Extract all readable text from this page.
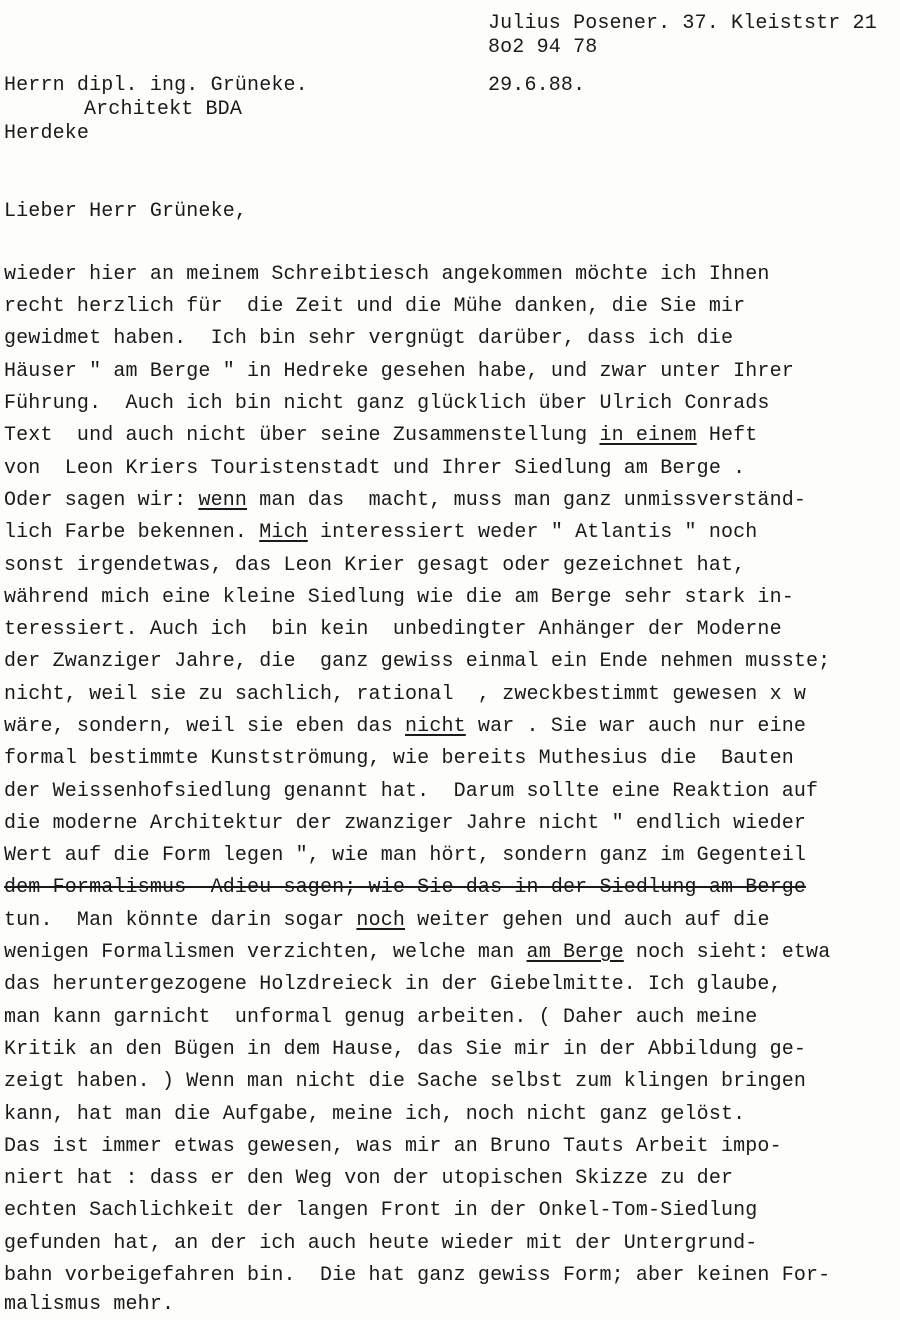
Julius Posener. 37. Kleiststr 21
8o2 94 78
29.6.88.
Herrn dipl. ing. Grüneke.
Architekt BDA
Herdeke
Lieber Herr Grüneke,
wieder hier an meinem Schreibtiesch angekommen möchte ich Ihnen
recht herzlich für  die Zeit und die Mühe danken, die Sie mir
gewidmet haben.  Ich bin sehr vergnügt darüber, dass ich die
Häuser " am Berge " in Hedreke gesehen habe, und zwar unter Ihrer
Führung.  Auch ich bin nicht ganz glücklich über Ulrich Conrads
Text  und auch nicht über seine Zusammenstellung in einem Heft
von  Leon Kriers Touristenstadt und Ihrer Siedlung am Berge .
Oder sagen wir: wenn man das  macht, muss man ganz unmissverständ-
lich Farbe bekennen. Mich interessiert weder " Atlantis " noch
sonst irgendetwas, das Leon Krier gesagt oder gezeichnet hat,
während mich eine kleine Siedlung wie die am Berge sehr stark in-
teressiert. Auch ich  bin kein  unbedingter Anhänger der Moderne
der Zwanziger Jahre, die  ganz gewiss einmal ein Ende nehmen musste;
nicht, weil sie zu sachlich, rational  , zweckbestimmt gewesen x w
wäre, sondern, weil sie eben das nicht war . Sie war auch nur eine
formal bestimmte Kunstströmung, wie bereits Muthesius die  Bauten
der Weissenhofsiedlung genannt hat.  Darum sollte eine Reaktion auf
die moderne Architektur der zwanziger Jahre nicht " endlich wieder
Wert auf die Form legen ", wie man hört, sondern ganz im Gegenteil
dem Formalismus  Adieu sagen; wie Sie das in der Siedlung am Berge
tun.  Man könnte darin sogar noch weiter gehen und auch auf die
wenigen Formalismen verzichten, welche man am Berge noch sieht: etwa
das heruntergezogene Holzdreieck in der Giebelmitte. Ich glaube,
man kann garnicht  unformal genug arbeiten. ( Daher auch meine
Kritik an den Bügen in dem Hause, das Sie mir in der Abbildung ge-
zeigt haben. ) Wenn man nicht die Sache selbst zum klingen bringen
kann, hat man die Aufgabe, meine ich, noch nicht ganz gelöst.
Das ist immer etwas gewesen, was mir an Bruno Tauts Arbeit impo-
niert hat : dass er den Weg von der utopischen Skizze zu der
echten Sachlichkeit der langen Front in der Onkel-Tom-Siedlung
gefunden hat, an der ich auch heute wieder mit der Untergrund-
bahn vorbeigefahren bin.  Die hat ganz gewiss Form; aber keinen For-
malismus mehr.
